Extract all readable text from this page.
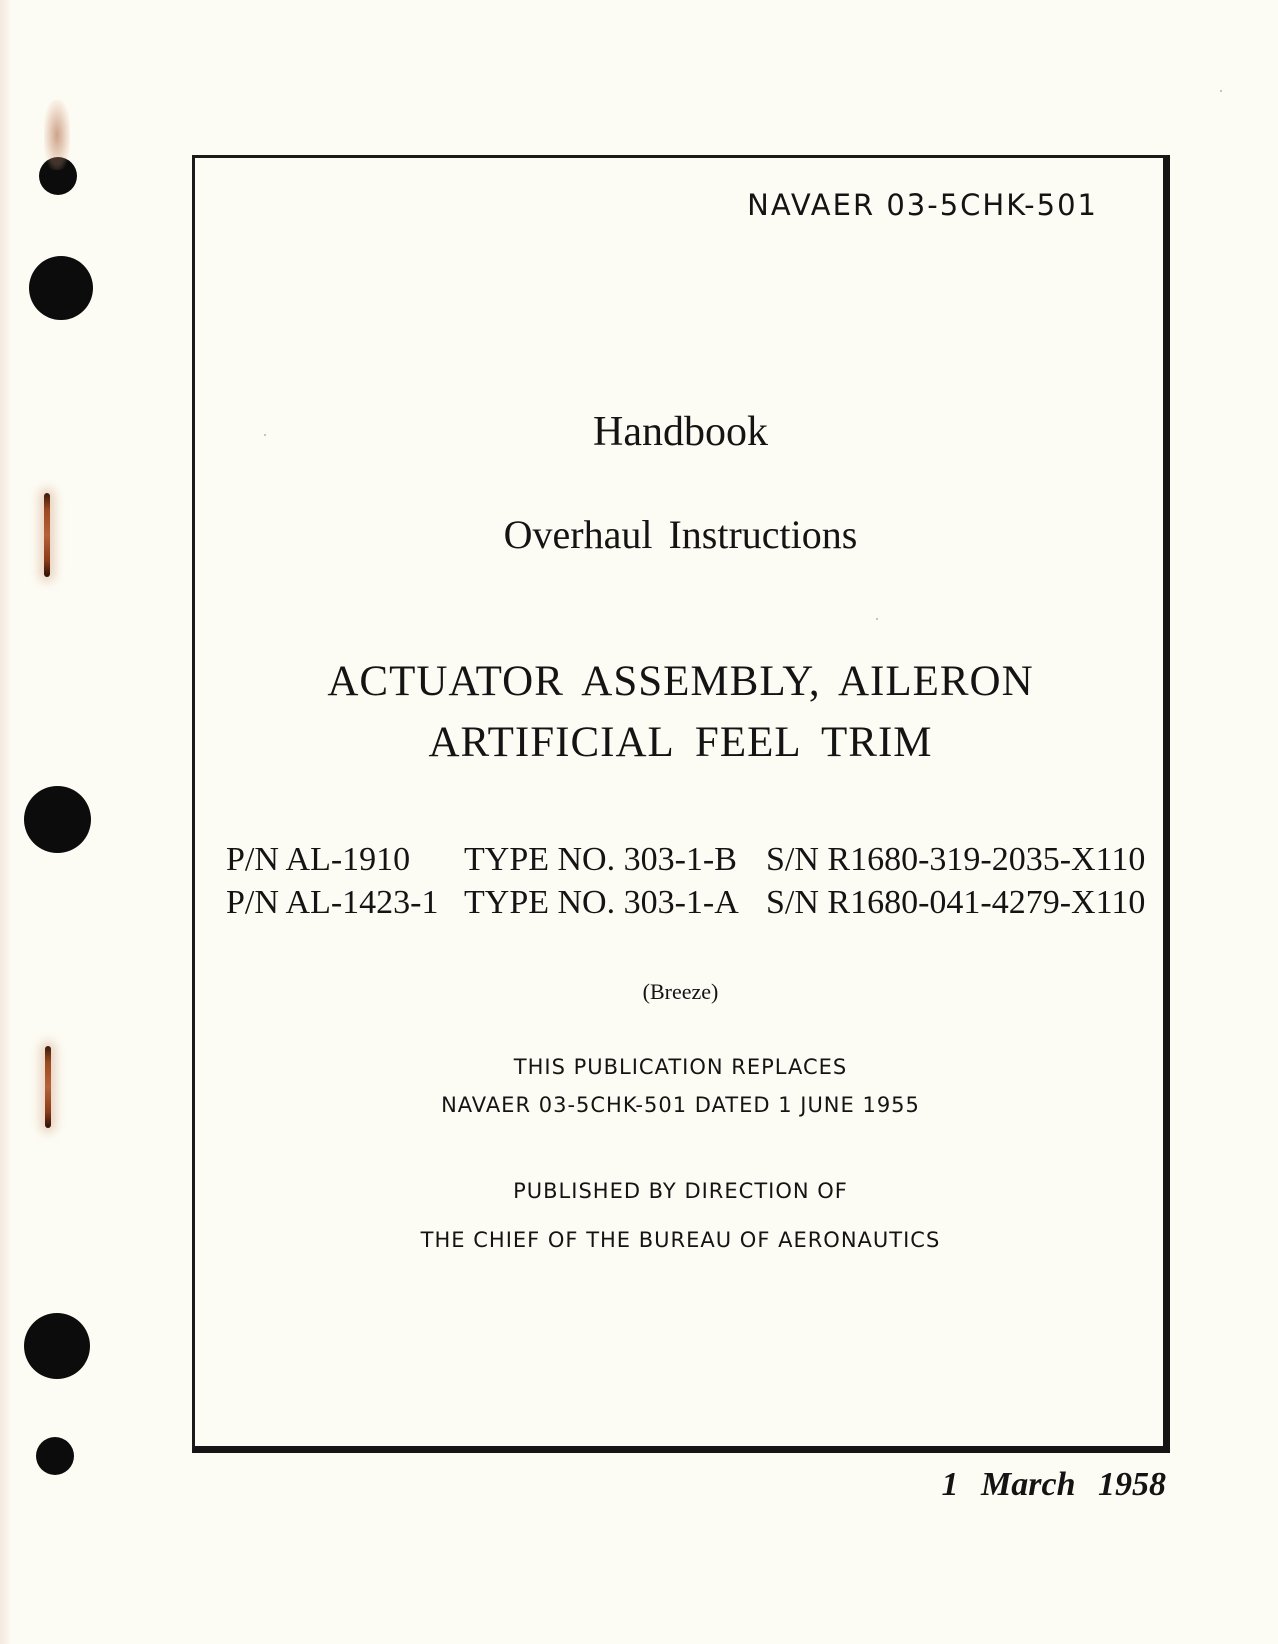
NAVAER 03-5CHK-501
Handbook
Overhaul Instructions
ACTUATOR ASSEMBLY, AILERON
ARTIFICIAL FEEL TRIM
P/N AL-1910	TYPE NO. 303-1-B S/N R1680-319-2035-X110
P/N AL-1423-1 TYPE NO. 303-1-A S/N R1680-041-4279-X110
(Breeze)
THIS PUBLICATION REPLACES
NAVAER 03-5CHK-501 DATED 1 JUNE 1955
PUBLISHED BY DIRECTION OF
THE CHIEF OF THE BUREAU OF AERONAUTICS
1 March 1958
